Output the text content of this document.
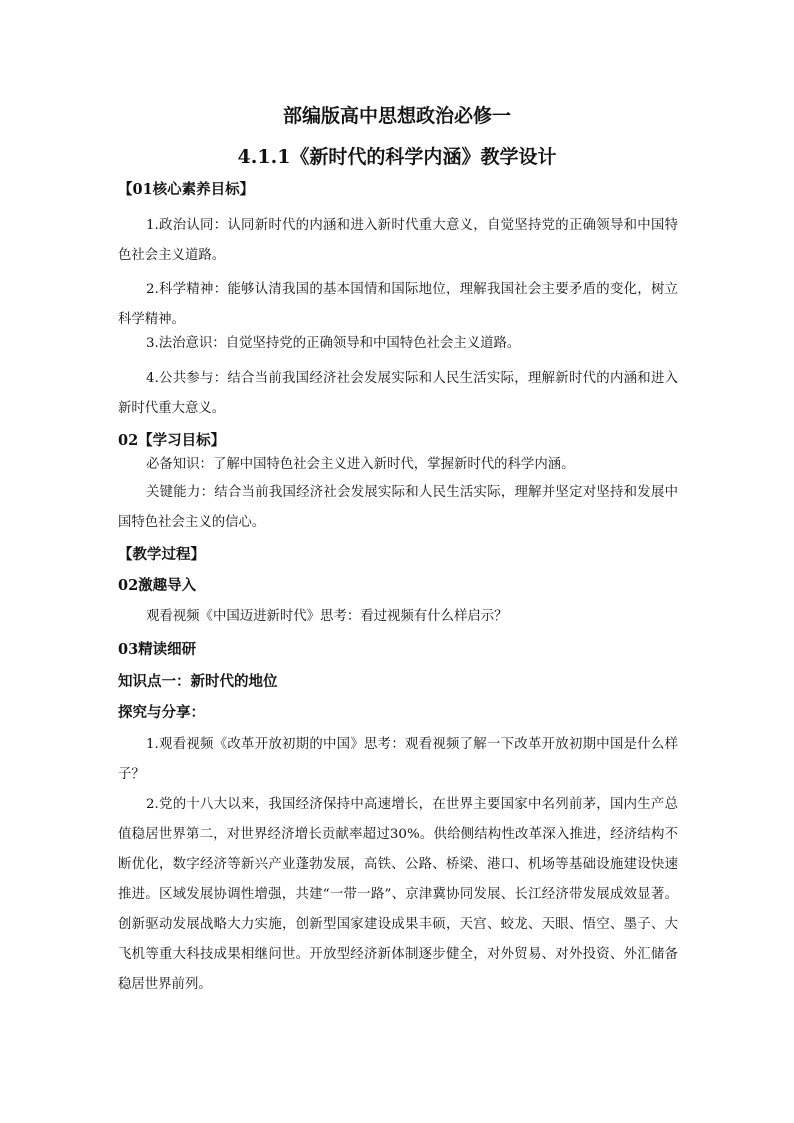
部编版高中思想政治必修一
4.1.1《新时代的科学内涵》教学设计
【01核心素养目标】

1.政治认同：认同新时代的内涵和进入新时代重大意义，自觉坚持党的正确领导和中国特色社会主义道路。

2.科学精神：能够认清我国的基本国情和国际地位，理解我国社会主要矛盾的变化，树立科学精神。

3.法治意识：自觉坚持党的正确领导和中国特色社会主义道路。

4.公共参与：结合当前我国经济社会发展实际和人民生活实际，理解新时代的内涵和进入新时代重大意义。

02【学习目标】

必备知识：了解中国特色社会主义进入新时代，掌握新时代的科学内涵。

关键能力：结合当前我国经济社会发展实际和人民生活实际，理解并坚定对坚持和发展中国特色社会主义的信心。

【教学过程】
02激趣导入

观看视频《中国迈进新时代》思考：看过视频有什么样启示？

03精读细研
知识点一：新时代的地位
探究与分享：

1.观看视频《改革开放初期的中国》思考：观看视频了解一下改革开放初期中国是什么样子？

2.党的十八大以来，我国经济保持中高速增长，在世界主要国家中名列前茅，国内生产总值稳居世界第二，对世界经济增长贡献率超过30%。供给侧结构性改革深入推进，经济结构不断优化，数字经济等新兴产业蓬勃发展，高铁、公路、桥梁、港口、机场等基础设施建设快速推进。区域发展协调性增强，共建“一带一路”、京津冀协同发展、长江经济带发展成效显著。创新驱动发展战略大力实施，创新型国家建设成果丰硕，天宫、蛟龙、天眼、悟空、墨子、大飞机等重大科技成果相继问世。开放型经济新体制逐步健全，对外贸易、对外投资、外汇储备稳居世界前列。
